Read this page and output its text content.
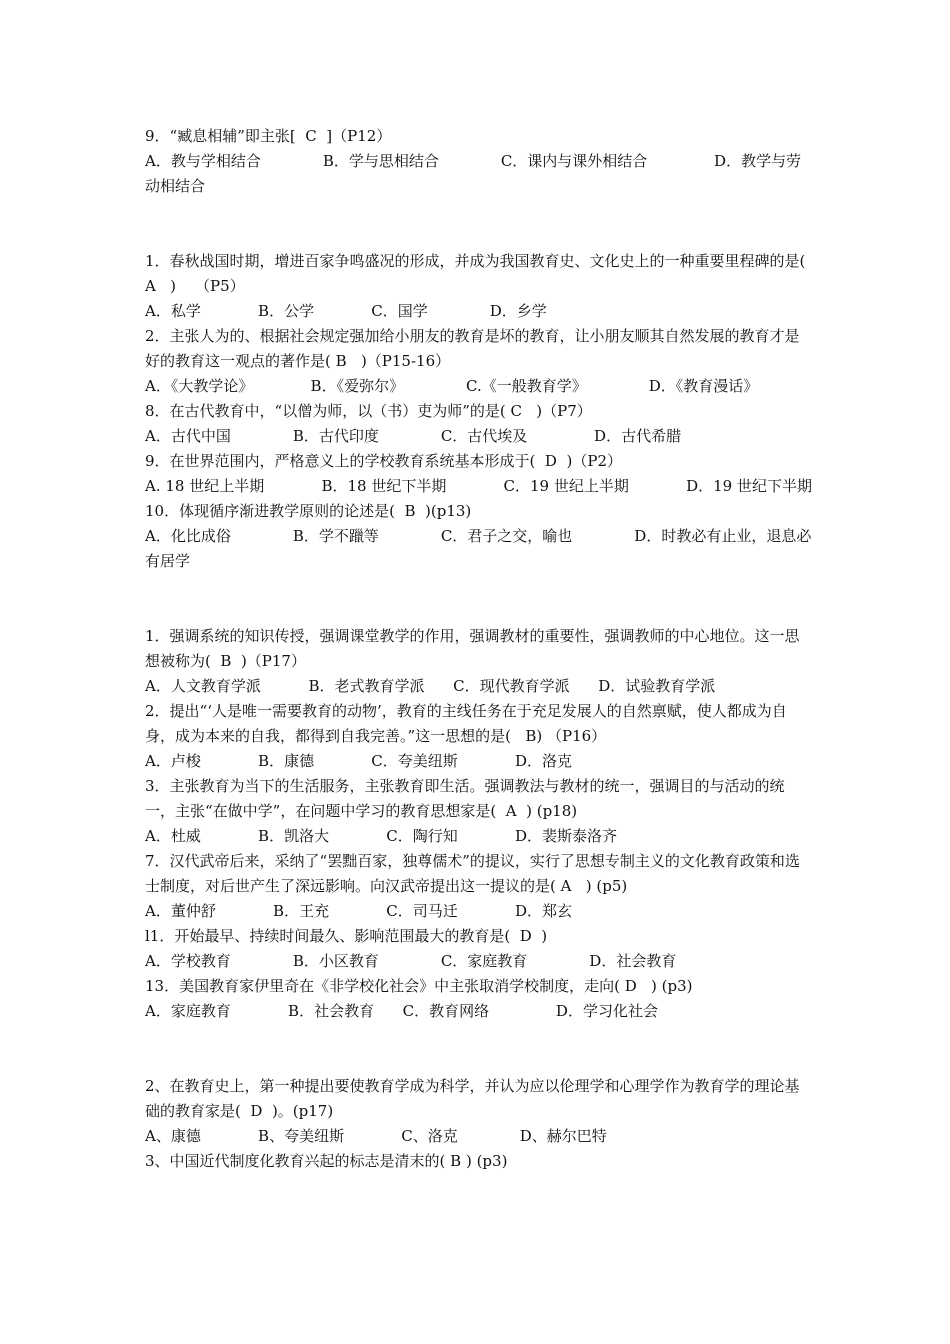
9．“臧息相辅”即主张[  C  ]（P12）

A．教与学相结合             B．学与思相结合             C．课内与课外相结合              D．教学与劳动相结合

1．春秋战国时期，增进百家争鸣盛况的形成，并成为我国教育史、文化史上的一种重要里程碑的是( A   )    （P5）

A．私学            B．公学            C．国学             D．乡学

2．主张人为的、根据社会规定强加给小朋友的教育是坏的教育，让小朋友顺其自然发展的教育才是好的教育这一观点的著作是( B   )（P15-16）

A．《大教学论》            B．《爱弥尔》             C.《一般教育学》             D．《教育漫话》

8．在古代教育中，“以僧为师，以（书）吏为师”的是( C   )（P7）

A．古代中国             B．古代印度             C．古代埃及              D．古代希腊

9．在世界范围内，严格意义上的学校教育系统基本形成于(  D  )（P2）

A. 18 世纪上半期            B．18 世纪下半期            C．19 世纪上半期            D．19 世纪下半期

10．体现循序渐进教学原则的论述是(  B  )(p13)

A．化比成俗             B．学不躐等             C．君子之交，喻也             D．时教必有止业，退息必有居学

1．强调系统的知识传授，强调课堂教学的作用，强调教材的重要性，强调教师的中心地位。这一思想被称为(  B  )（P17）

A．人文教育学派          B．老式教育学派      C．现代教育学派      D．试验教育学派

2．提出“‘人是唯一需要教育的动物’，教育的主线任务在于充足发展人的自然禀赋，使人都成为自身，成为本来的自我，都得到自我完善。”这一思想的是(   B) （P16）

A．卢梭            B．康德            C．夸美纽斯            D．洛克

3．主张教育为当下的生活服务，主张教育即生活。强调教法与教材的统一，强调目的与活动的统一，主张“在做中学”，在问题中学习的教育思想家是(  A  ) (p18)

A．杜威            B．凯洛大            C．陶行知            D．裴斯泰洛齐

7．汉代武帝后来，采纳了“罢黜百家，独尊儒术”的提议，实行了思想专制主义的文化教育政策和选士制度，对后世产生了深远影响。向汉武帝提出这一提议的是( A   ) (p5)

A．董仲舒            B．王充            C．司马迁            D．郑玄

l1．开始最早、持续时间最久、影响范围最大的教育是(  D  )

A．学校教育             B．小区教育             C．家庭教育             D．社会教育

13．美国教育家伊里奇在《非学校化社会》中主张取消学校制度，走向( D   ) (p3)

A．家庭教育            B．社会教育      C．教育网络              D．学习化社会

2、在教育史上，第一种提出要使教育学成为科学，并认为应以伦理学和心理学作为教育学的理论基础的教育家是(  D  )。(p17)

A、康德            B、夸美纽斯            C、洛克             D、赫尔巴特

3、中国近代制度化教育兴起的标志是清末的( B ) (p3)
